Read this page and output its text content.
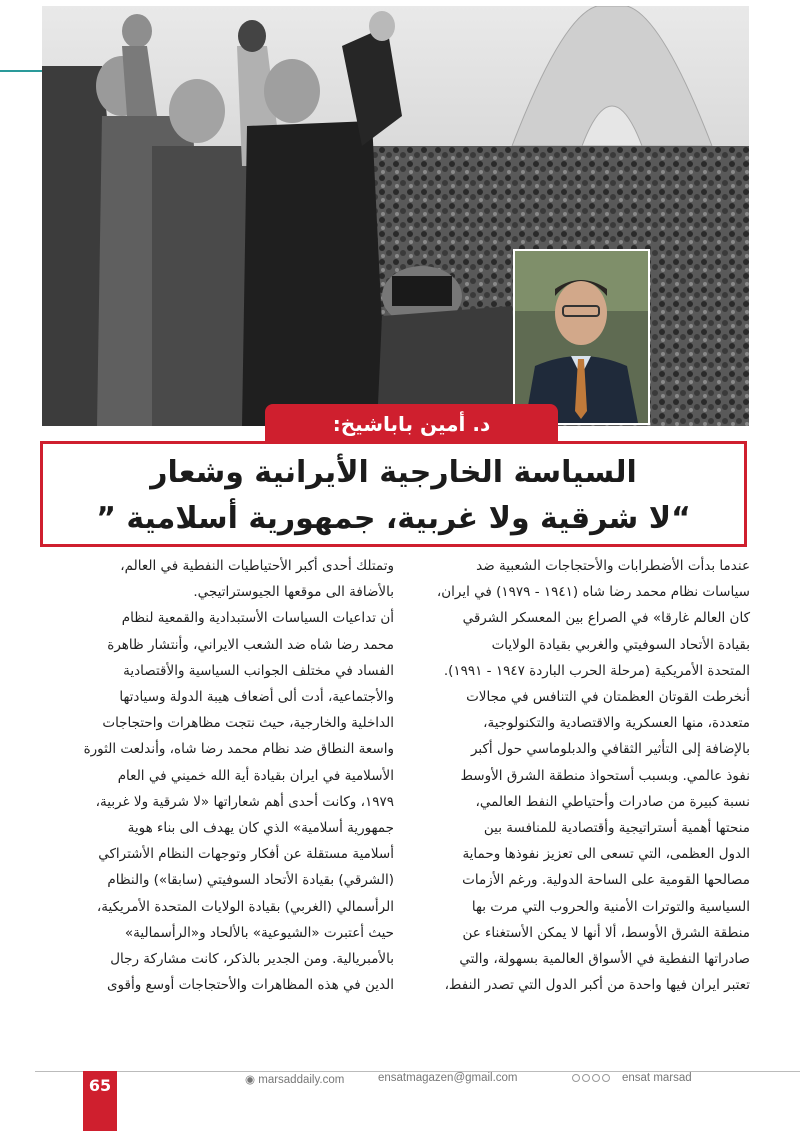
د. أمين باباشيخ:
السياسة الخارجية الأيرانية وشعار
“لا شرقية ولا غربية، جمهورية أسلامية ”

عندما بدأت الأضطرابات والأحتجاجات الشعبية ضد

سياسات نظام محمد رضا شاه (١٩٤١ - ١٩٧٩) في ايران،

كان العالم غارقا» في الصراع بين المعسكر الشرقي

بقيادة الأتحاد السوفيتي والغربي بقيادة الولايات

المتحدة الأمريكية (مرحلة الحرب الباردة ١٩٤٧ - ١٩٩١).

أنخرطت القوتان العظمتان في التنافس في مجالات

متعددة، منها العسكرية والاقتصادية والتكنولوجية،

بالإضافة إلى التأثير الثقافي والدبلوماسي حول أكبر

نفوذ عالمي. وبسبب أستحواذ منطقة الشرق الأوسط

نسبة كبيرة من صادرات وأحتياطي النفط العالمي،

منحتها أهمية أستراتيجية وأقتصادية للمنافسة بين

الدول العظمى، التي تسعى الى تعزيز نفوذها وحماية

مصالحها القومية على الساحة الدولية. ورغم الأزمات

السياسية والتوترات الأمنية والحروب التي مرت بها

منطقة الشرق الأوسط، ألا أنها لا يمكن الأستغناء عن

صادراتها النفطية في الأسواق العالمية بسهولة، والتي

تعتبر ايران فيها واحدة من أكبر الدول التي تصدر النفط،

وتمتلك أحدى أكبر الأحتياطيات النفطية في العالم،

بالأضافة الى موقعها الجيوستراتيجي.

أن تداعيات السياسات الأستبدادية والقمعية لنظام

محمد رضا شاه ضد الشعب الايراني، وأنتشار ظاهرة

الفساد في مختلف الجوانب السياسية والأقتصادية

والأجتماعية، أدت ألى أضعاف هيبة الدولة وسيادتها

الداخلية والخارجية، حيث نتجت مظاهرات واحتجاجات

واسعة النطاق ضد نظام محمد رضا شاه، وأندلعت الثورة

الأسلامية في ايران بقيادة أية الله خميني في العام

١٩٧٩، وكانت أحدى أهم شعاراتها «لا شرقية ولا غربية،

جمهورية أسلامية» الذي كان يهدف الى بناء هوية

أسلامية مستقلة عن أفكار وتوجهات النظام الأشتراكي

(الشرقي) بقيادة الأتحاد السوفيتي (سابقا») والنظام

الرأسمالي (الغربي) بقيادة الولايات المتحدة الأمريكية،

حيث أعتبرت «الشيوعية» بالألحاد و«الرأسمالية»

بالأمبريالية. ومن الجدير بالذكر، كانت مشاركة رجال

الدين في هذه المظاهرات والأحتجاجات أوسع وأقوى

65	◉ marsaddaily.com	ensatmagazen@gmail.com	ensat marsad
